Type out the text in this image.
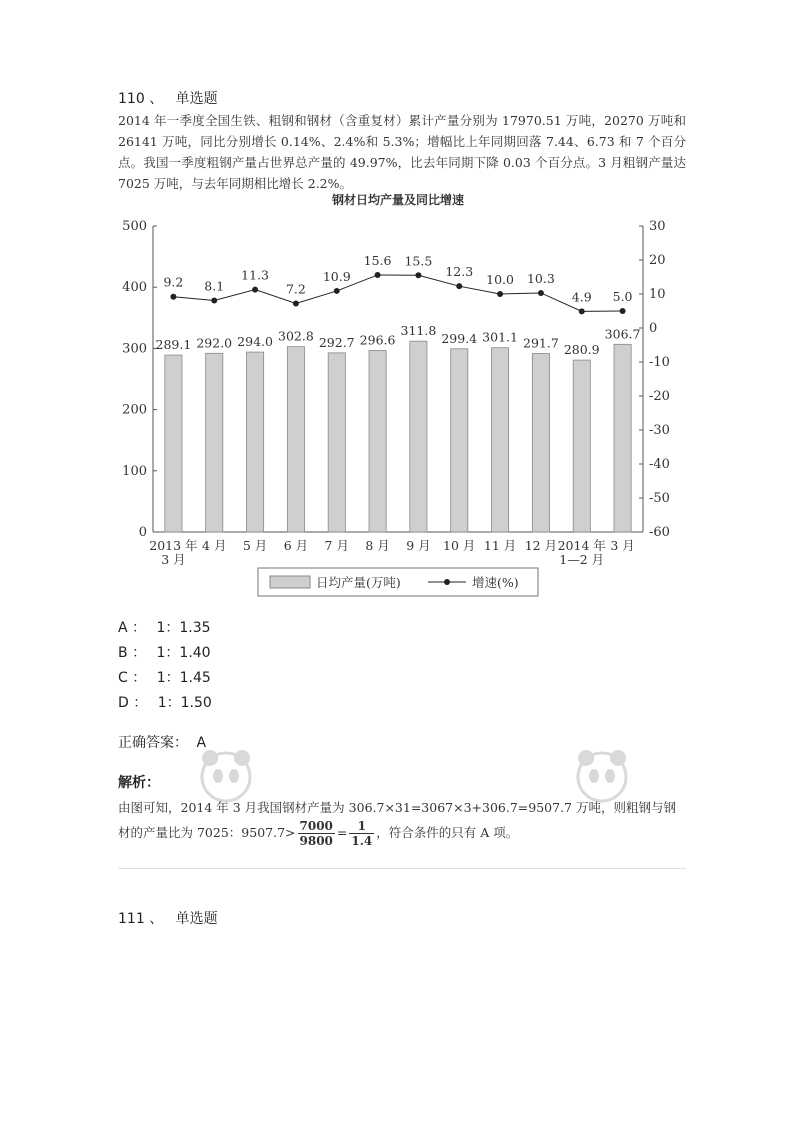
110 、 单选题
2014 年一季度全国生铁、粗钢和钢材（含重复材）累计产量分别为 17970.51 万吨，20270 万吨和 26141 万吨，同比分别增长 0.14%、2.4%和 5.3%；增幅比上年同期回落 7.44、6.73 和 7 个百分点。我国一季度粗钢产量占世界总产量的 49.97%，比去年同期下降 0.03 个百分点。3 月粗钢产量达 7025 万吨，与去年同期相比增长 2.2%。
钢材日均产量及同比增速
0
100
200
300
400
500	30
20
10
0
-10
-20
-30
-40
-50
-60
289.1 292.0 294.0 302.8 292.7 296.6
311.8
299.4 301.1 291.7 280.9
306.7
9.2 8.1
11.3
7.2
10.9
15.6 15.5
12.3
10.0 10.3
4.9 5.0
2013 年
3 月
4 月 5 月 6 月 7 月 8 月 9 月 10 月 11 月 12 月 2014 年
1—2 月
3 月
日均产量(万吨)	增速(%)
A ： 1：1.35
B ： 1：1.40
C ： 1：1.45
D ： 1：1.50
正确答案： A
解析：
由图可知，2014 年 3 月我国钢材产量为 306.7×31=3067×3+306.7=9507.7 万吨，则粗钢与钢材的产量比为 7025：$9507.7> \frac{7000}{9800} = \frac{1}{1.4}$ ，符合条件的只有 A 项。
111 、 单选题
